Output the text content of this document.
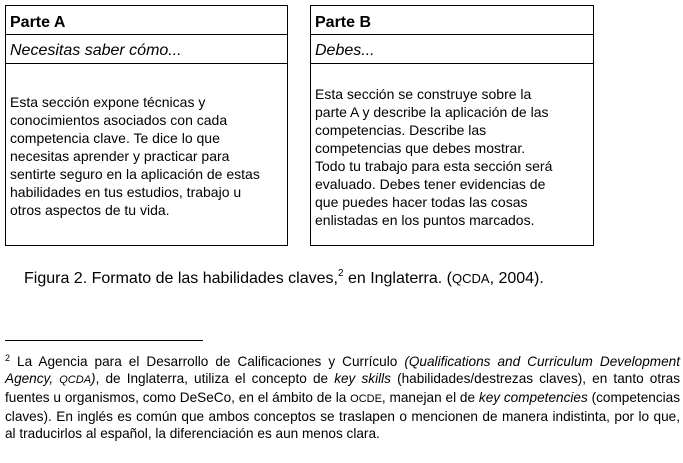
Parte A
Necesitas saber cómo...
Esta sección expone técnicas y
conocimientos asociados con cada
competencia clave. Te dice lo que
necesitas aprender y practicar para
sentirte seguro en la aplicación de estas
habilidades en tus estudios, trabajo u
otros aspectos de tu vida.
Parte B
Debes...
Esta sección se construye sobre la
parte A y describe la aplicación de las
competencias. Describe las
competencias que debes mostrar.
Todo tu trabajo para esta sección será
evaluado. Debes tener evidencias de
que puedes hacer todas las cosas
enlistadas en los puntos marcados.
Figura 2. Formato de las habilidades claves,$^2$ en Inglaterra. (QCDA, 2004).
$^2$ La Agencia para el Desarrollo de Calificaciones y Currículo (Qualifications and Curriculum Development Agency, QCDA), de Inglaterra, utiliza el concepto de key skills (habilidades/destrezas claves), en tanto otras fuentes u organismos, como DeSeCo, en el ámbito de la OCDE, manejan el de key competencies (competencias claves). En inglés es común que ambos conceptos se traslapen o mencionen de manera indistinta, por lo que, al traducirlos al español, la diferenciación es aun menos clara.
